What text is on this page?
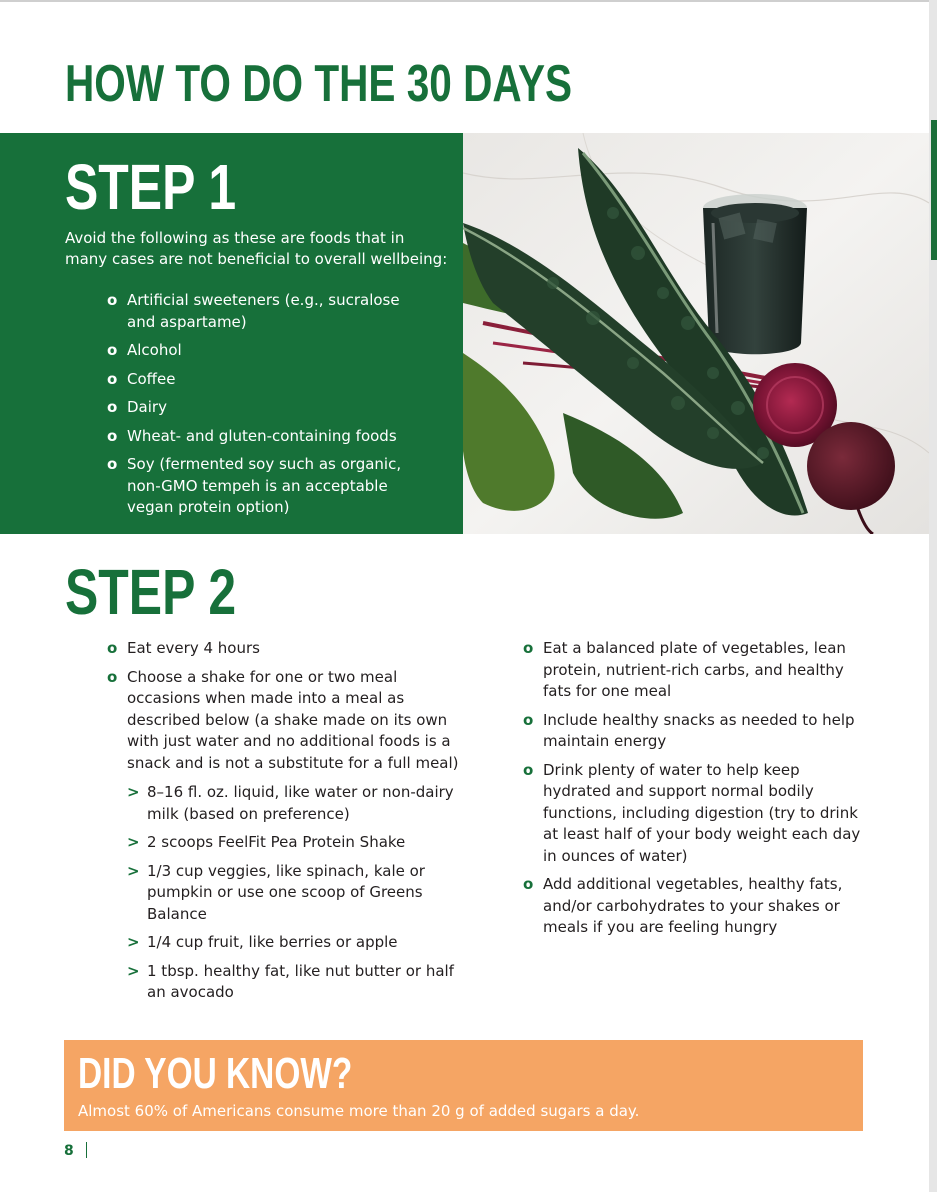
HOW TO DO THE 30 DAYS
STEP 1

Avoid the following as these are foods that in many cases are not beneficial to overall wellbeing:

o Artificial sweeteners (e.g., sucralose and aspartame)
o Alcohol
o Coffee
o Dairy
o Wheat- and gluten-containing foods
o Soy (fermented soy such as organic, non-GMO tempeh is an acceptable vegan protein option)
STEP 2
o Eat every 4 hours
o Choose a shake for one or two meal occasions when made into a meal as described below (a shake made on its own with just water and no additional foods is a snack and is not a substitute for a full meal)
> 8–16 fl. oz. liquid, like water or non-dairy milk (based on preference)
> 2 scoops FeelFit Pea Protein Shake
> 1/3 cup veggies, like spinach, kale or pumpkin or use one scoop of Greens Balance
> 1/4 cup fruit, like berries or apple
> 1 tbsp. healthy fat, like nut butter or half an avocado
o Eat a balanced plate of vegetables, lean protein, nutrient-rich carbs, and healthy fats for one meal
o Include healthy snacks as needed to help maintain energy
o Drink plenty of water to help keep hydrated and support normal bodily functions, including digestion (try to drink at least half of your body weight each day in ounces of water)
o Add additional vegetables, healthy fats, and/or carbohydrates to your shakes or meals if you are feeling hungry
DID YOU KNOW?

Almost 60% of Americans consume more than 20 g of added sugars a day.

8
